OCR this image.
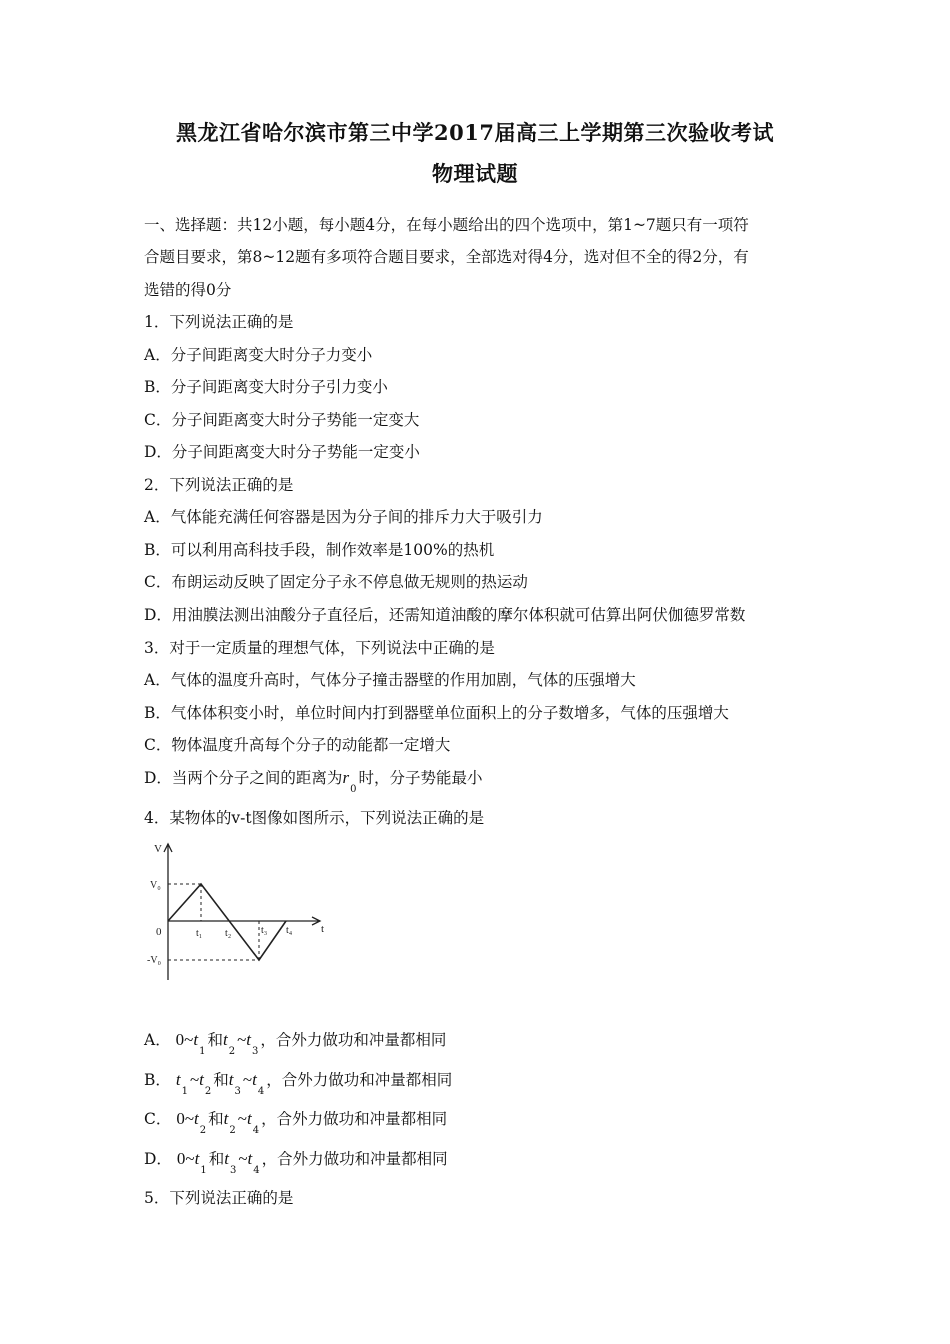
黑龙江省哈尔滨市第三中学2017届高三上学期第三次验收考试
物理试题
一、选择题：共12小题，每小题4分，在每小题给出的四个选项中，第1~7题只有一项符
合题目要求，第8~12题有多项符合题目要求，全部选对得4分，选对但不全的得2分，有
选错的得0分
1．下列说法正确的是
A．分子间距离变大时分子力变小
B．分子间距离变大时分子引力变小
C．分子间距离变大时分子势能一定变大
D．分子间距离变大时分子势能一定变小
2．下列说法正确的是
A．气体能充满任何容器是因为分子间的排斥力大于吸引力
B．可以利用高科技手段，制作效率是100%的热机
C．布朗运动反映了固定分子永不停息做无规则的热运动
D．用油膜法测出油酸分子直径后，还需知道油酸的摩尔体积就可估算出阿伏伽德罗常数
3．对于一定质量的理想气体，下列说法中正确的是
A．气体的温度升高时，气体分子撞击器壁的作用加剧，气体的压强增大
B．气体体积变小时，单位时间内打到器壁单位面积上的分子数增多，气体的压强增大
C．物体温度升高每个分子的动能都一定增大
D．当两个分子之间的距离为$r_0$时，分子势能最小
4．某物体的v-t图像如图所示，下列说法正确的是
V
V₀
0
-V₀
t₁ t₂	t₃ t₄	t
A． $0\sim t_1$和$t_2\sim t_3$，合外力做功和冲量都相同
B． $t_1\sim t_2$和$t_3\sim t_4$，合外力做功和冲量都相同
C． $0\sim t_2$和$t_2\sim t_4$，合外力做功和冲量都相同
D． $0\sim t_1$和$t_3\sim t_4$，合外力做功和冲量都相同
5．下列说法正确的是
